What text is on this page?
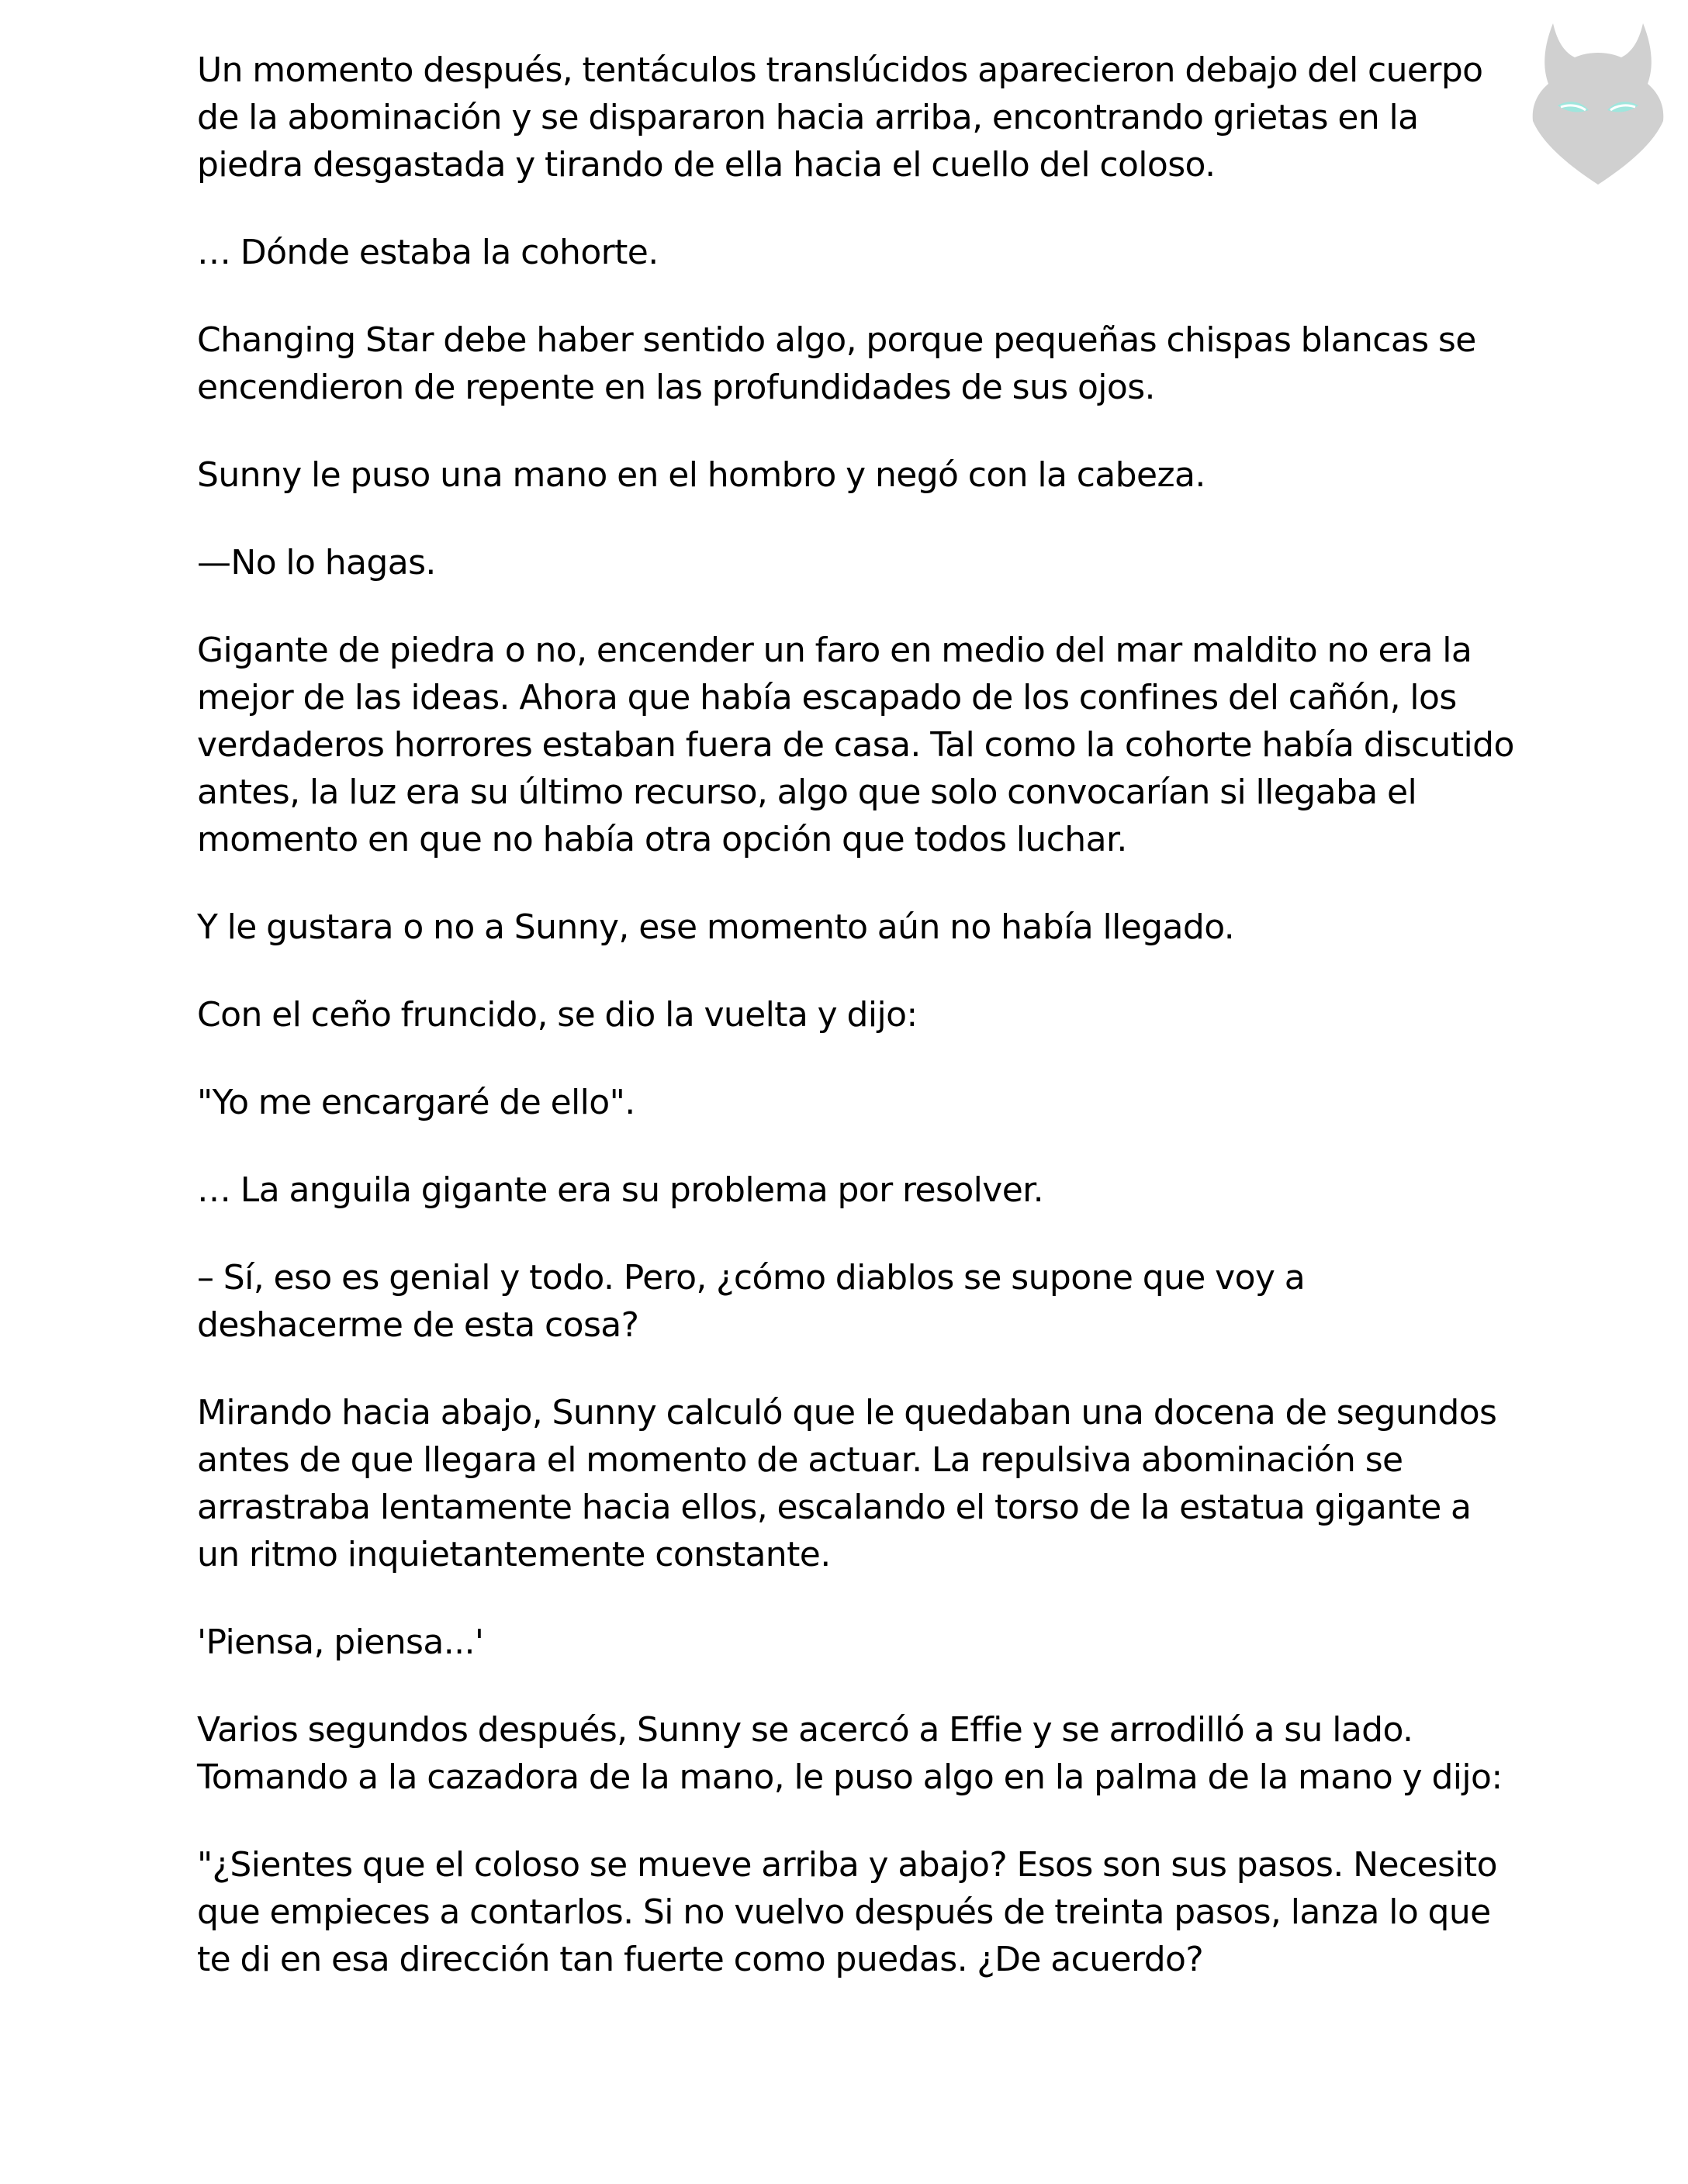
Un momento después, tentáculos translúcidos aparecieron debajo del cuerpo de la abominación y se dispararon hacia arriba, encontrando grietas en la piedra desgastada y tirando de ella hacia el cuello del coloso.

… Dónde estaba la cohorte.

Changing Star debe haber sentido algo, porque pequeñas chispas blancas se encendieron de repente en las profundidades de sus ojos.

Sunny le puso una mano en el hombro y negó con la cabeza.

—No lo hagas.

Gigante de piedra o no, encender un faro en medio del mar maldito no era la mejor de las ideas. Ahora que había escapado de los confines del cañón, los verdaderos horrores estaban fuera de casa. Tal como la cohorte había discutido antes, la luz era su último recurso, algo que solo convocarían si llegaba el momento en que no había otra opción que todos luchar.

Y le gustara o no a Sunny, ese momento aún no había llegado.

Con el ceño fruncido, se dio la vuelta y dijo:

"Yo me encargaré de ello".

… La anguila gigante era su problema por resolver.

– Sí, eso es genial y todo. Pero, ¿cómo diablos se supone que voy a deshacerme de esta cosa?

Mirando hacia abajo, Sunny calculó que le quedaban una docena de segundos antes de que llegara el momento de actuar. La repulsiva abominación se arrastraba lentamente hacia ellos, escalando el torso de la estatua gigante a un ritmo inquietantemente constante.

'Piensa, piensa...'

Varios segundos después, Sunny se acercó a Effie y se arrodilló a su lado. Tomando a la cazadora de la mano, le puso algo en la palma de la mano y dijo:

"¿Sientes que el coloso se mueve arriba y abajo? Esos son sus pasos. Necesito que empieces a contarlos. Si no vuelvo después de treinta pasos, lanza lo que te di en esa dirección tan fuerte como puedas. ¿De acuerdo?
